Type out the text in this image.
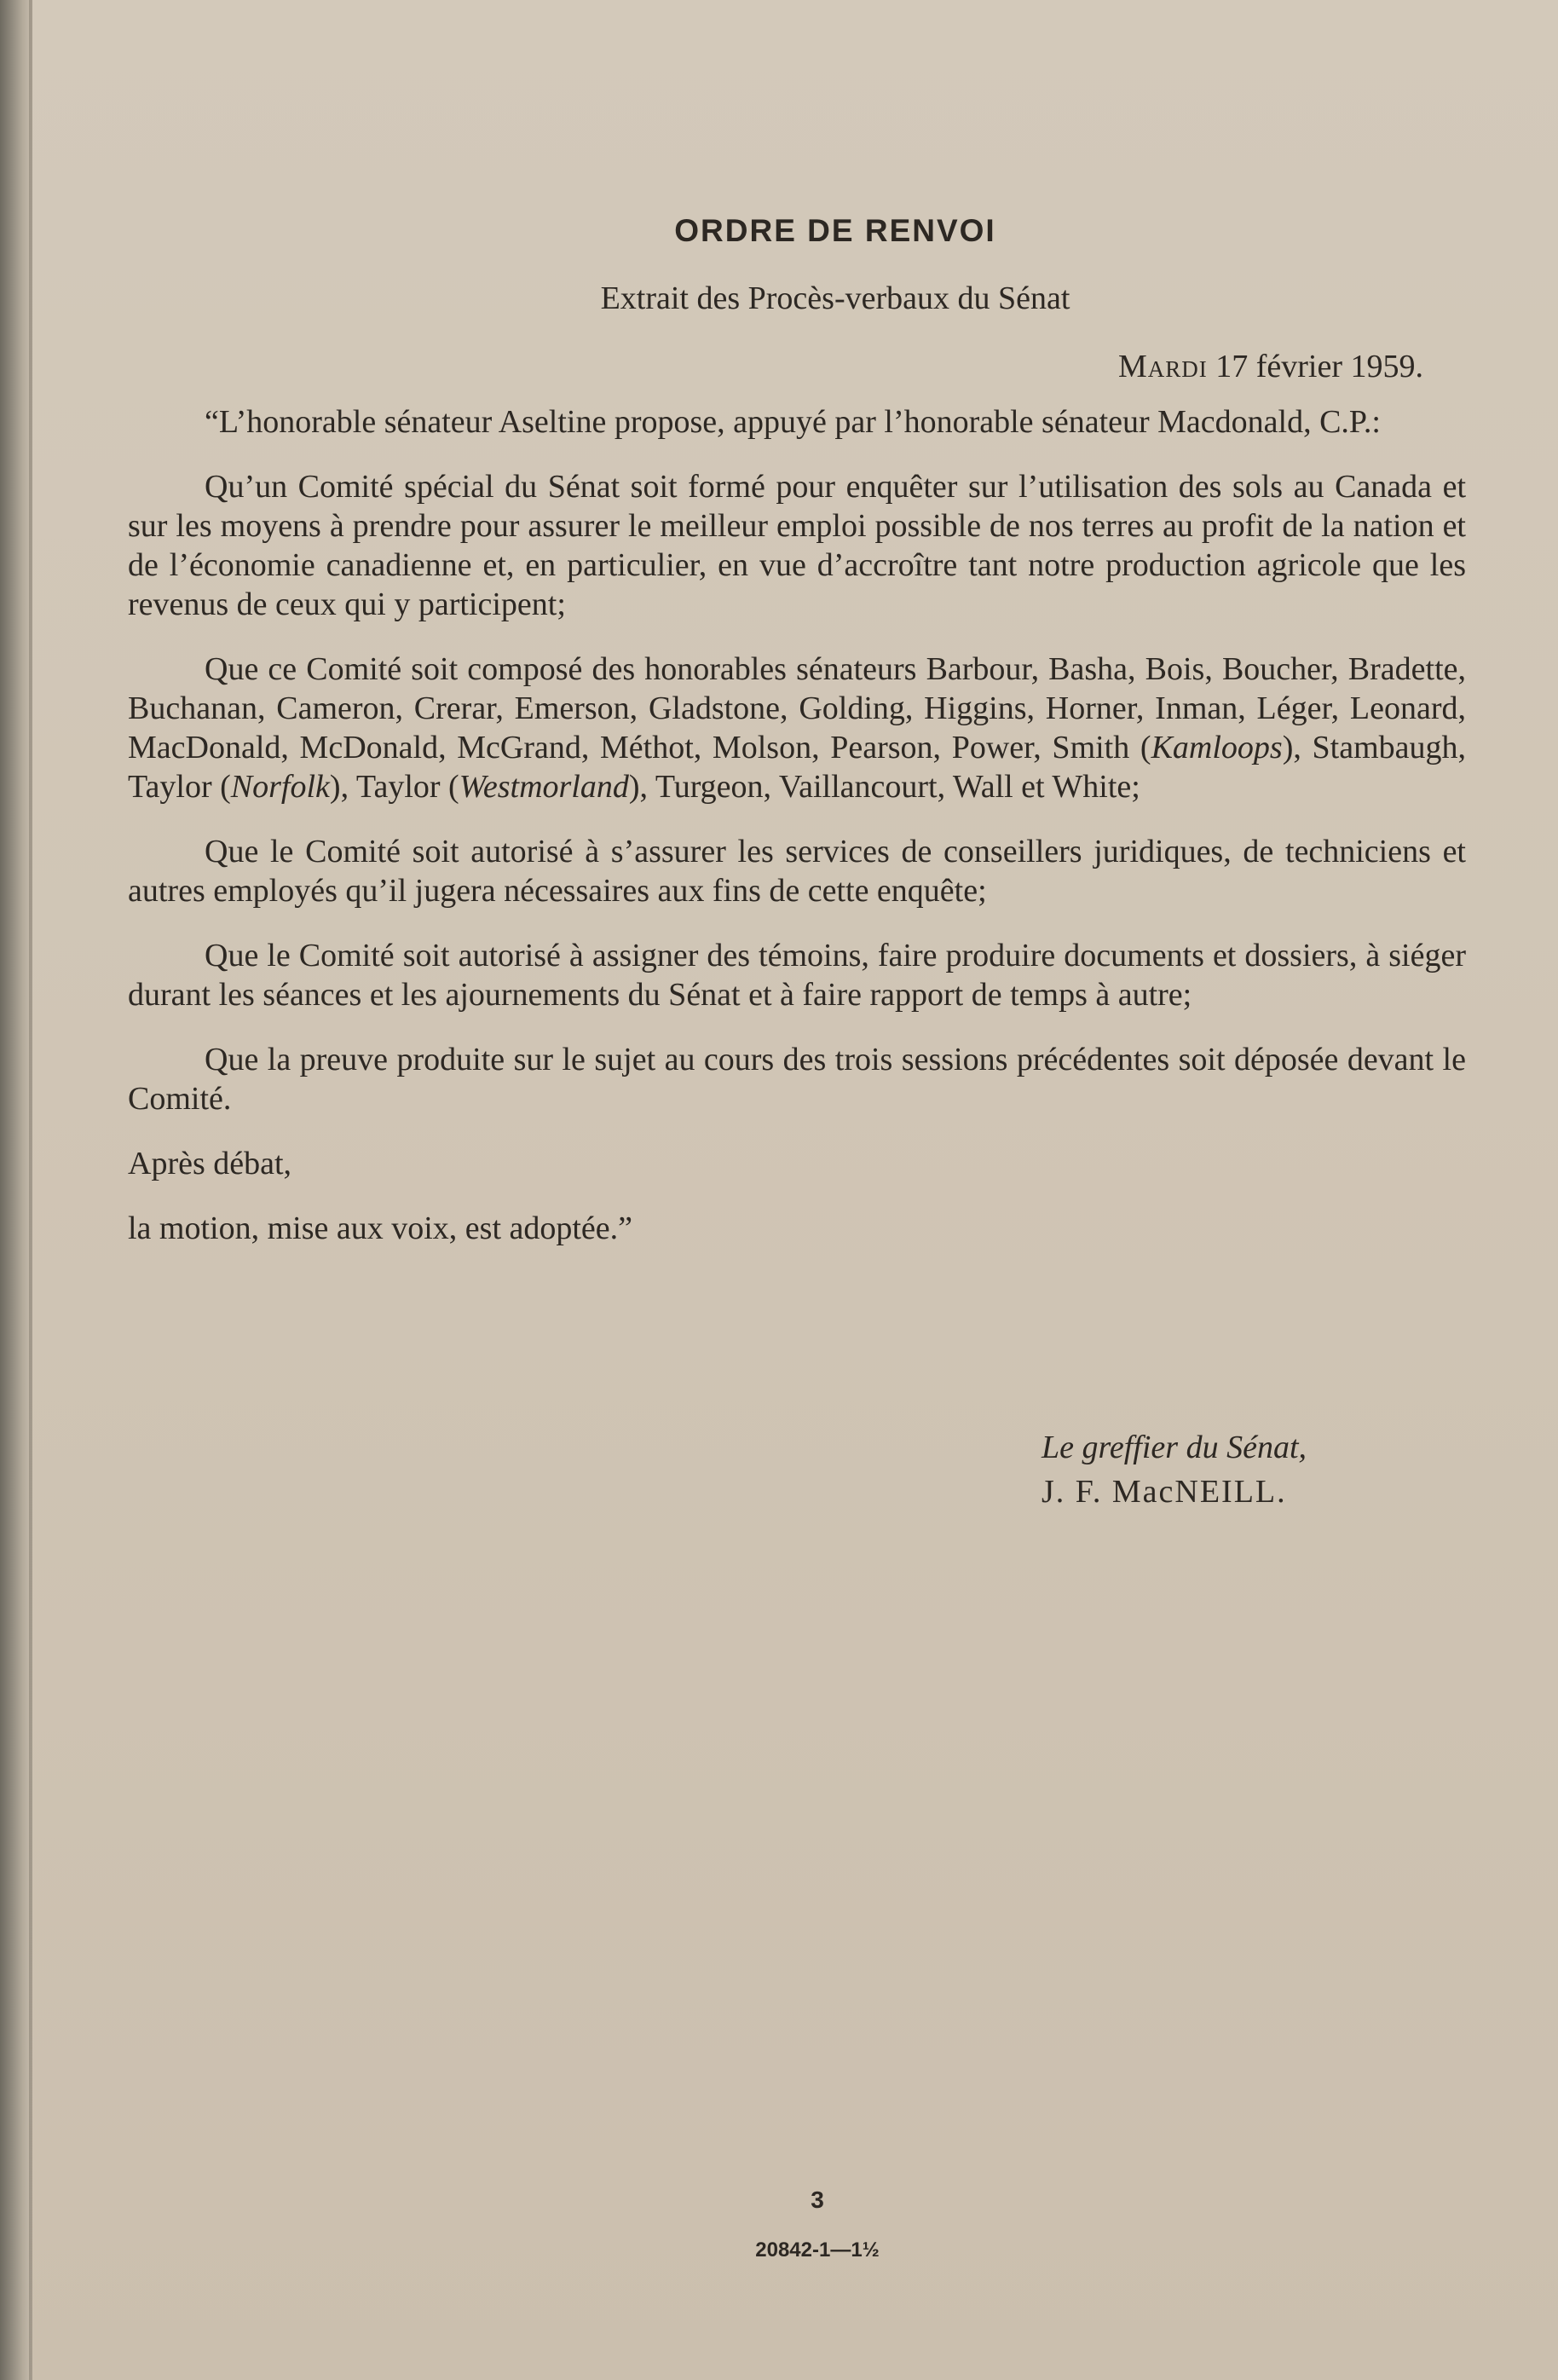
ORDRE DE RENVOI
Extrait des Procès-verbaux du Sénat
Mardi 17 février 1959.

“L’honorable sénateur Aseltine propose, appuyé par l’honorable sénateur Macdonald, C.P.:

Qu’un Comité spécial du Sénat soit formé pour enquêter sur l’utilisation des sols au Canada et sur les moyens à prendre pour assurer le meilleur emploi possible de nos terres au profit de la nation et de l’économie canadienne et, en particulier, en vue d’accroître tant notre production agricole que les revenus de ceux qui y participent;

Que ce Comité soit composé des honorables sénateurs Barbour, Basha, Bois, Boucher, Bradette, Buchanan, Cameron, Crerar, Emerson, Gladstone, Golding, Higgins, Horner, Inman, Léger, Leonard, MacDonald, McDonald, McGrand, Méthot, Molson, Pearson, Power, Smith (Kamloops), Stambaugh, Taylor (Norfolk), Taylor (Westmorland), Turgeon, Vaillancourt, Wall et White;

Que le Comité soit autorisé à s’assurer les services de conseillers juridiques, de techniciens et autres employés qu’il jugera nécessaires aux fins de cette enquête;

Que le Comité soit autorisé à assigner des témoins, faire produire documents et dossiers, à siéger durant les séances et les ajournements du Sénat et à faire rapport de temps à autre;

Que la preuve produite sur le sujet au cours des trois sessions précédentes soit déposée devant le Comité.

Après débat,

la motion, mise aux voix, est adoptée.”

Le greffier du Sénat,
J. F. MacNEILL.
3
20842-1—1½
